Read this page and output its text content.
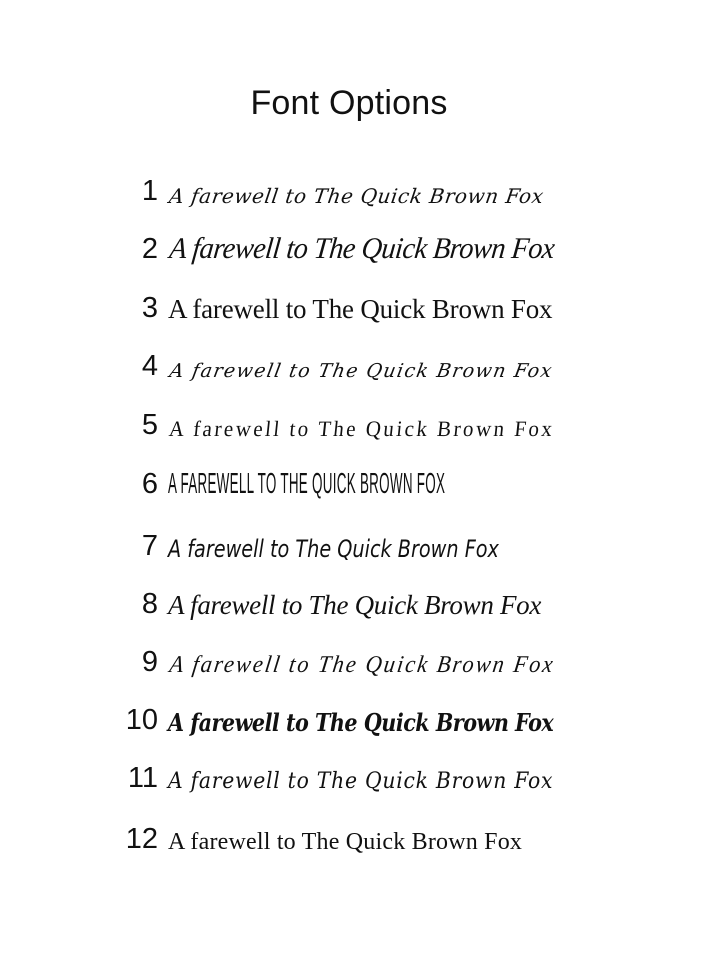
Font Options
1 A farewell to The Quick Brown Fox
2 A farewell to The Quick Brown Fox
3 A farewell to The Quick Brown Fox
4 A farewell to The Quick Brown Fox
5 A farewell to The Quick Brown Fox
6 A FAREWELL TO THE QUICK BROWN FOX
7 A farewell to The Quick Brown Fox
8 A farewell to The Quick Brown Fox
9 A farewell to The Quick Brown Fox
10 A farewell to The Quick Brown Fox
11 A farewell to The Quick Brown Fox
12 A farewell to The Quick Brown Fox
